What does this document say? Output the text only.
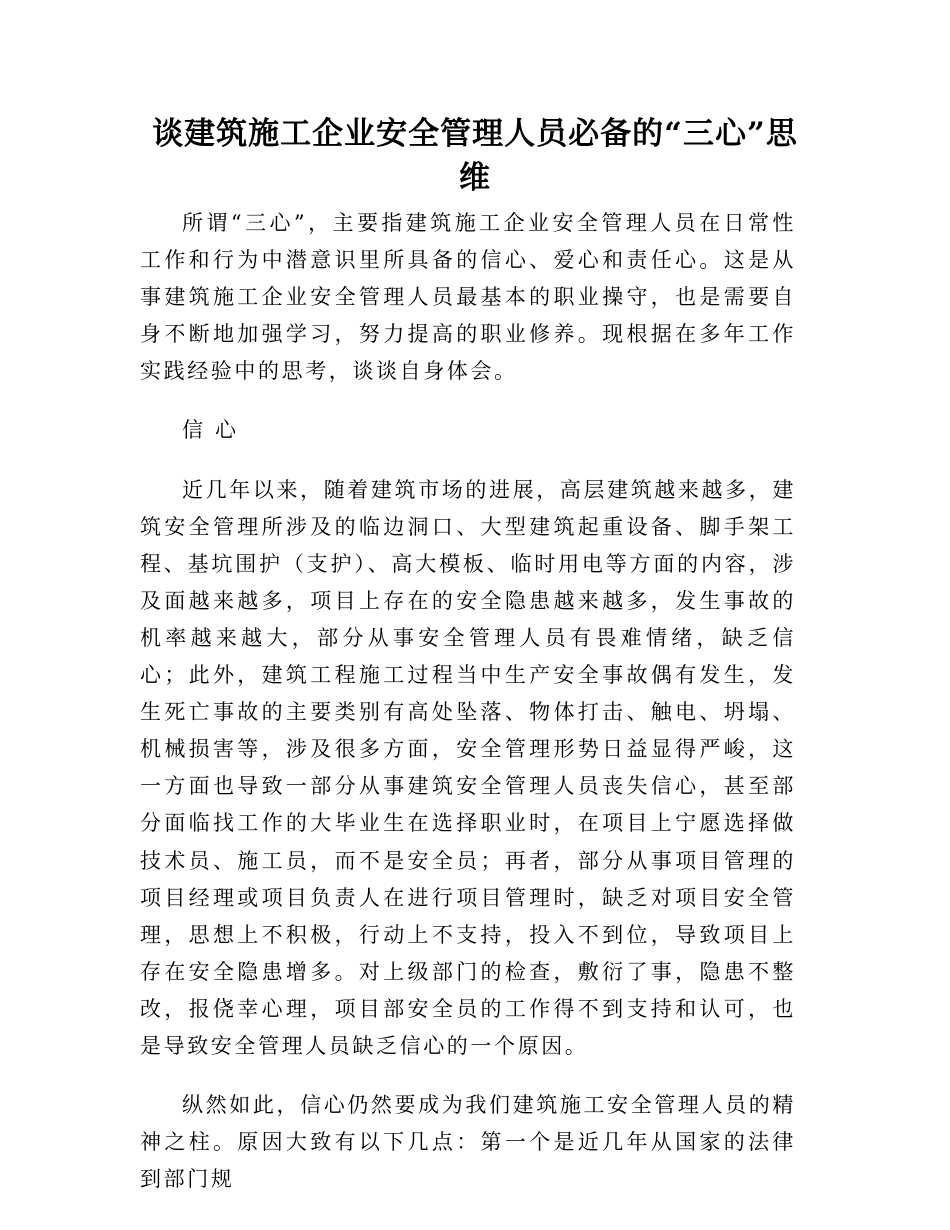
谈建筑施工企业安全管理人员必备的“三心”思维

所谓“三心”，主要指建筑施工企业安全管理人员在日常性工作和行为中潜意识里所具备的信心、爱心和责任心。这是从事建筑施工企业安全管理人员最基本的职业操守，也是需要自身不断地加强学习，努力提高的职业修养。现根据在多年工作实践经验中的思考，谈谈自身体会。

信心

近几年以来，随着建筑市场的进展，高层建筑越来越多，建筑安全管理所涉及的临边洞口、大型建筑起重设备、脚手架工程、基坑围护（支护）、高大模板、临时用电等方面的内容，涉及面越来越多，项目上存在的安全隐患越来越多，发生事故的机率越来越大，部分从事安全管理人员有畏难情绪，缺乏信心；此外，建筑工程施工过程当中生产安全事故偶有发生，发生死亡事故的主要类别有高处坠落、物体打击、触电、坍塌、机械损害等，涉及很多方面，安全管理形势日益显得严峻，这一方面也导致一部分从事建筑安全管理人员丧失信心，甚至部分面临找工作的大毕业生在选择职业时，在项目上宁愿选择做技术员、施工员，而不是安全员；再者，部分从事项目管理的项目经理或项目负责人在进行项目管理时，缺乏对项目安全管理，思想上不积极，行动上不支持，投入不到位，导致项目上存在安全隐患增多。对上级部门的检查，敷衍了事，隐患不整改，报侥幸心理，项目部安全员的工作得不到支持和认可，也是导致安全管理人员缺乏信心的一个原因。

纵然如此，信心仍然要成为我们建筑施工安全管理人员的精神之柱。原因大致有以下几点：第一个是近几年从国家的法律到部门规
